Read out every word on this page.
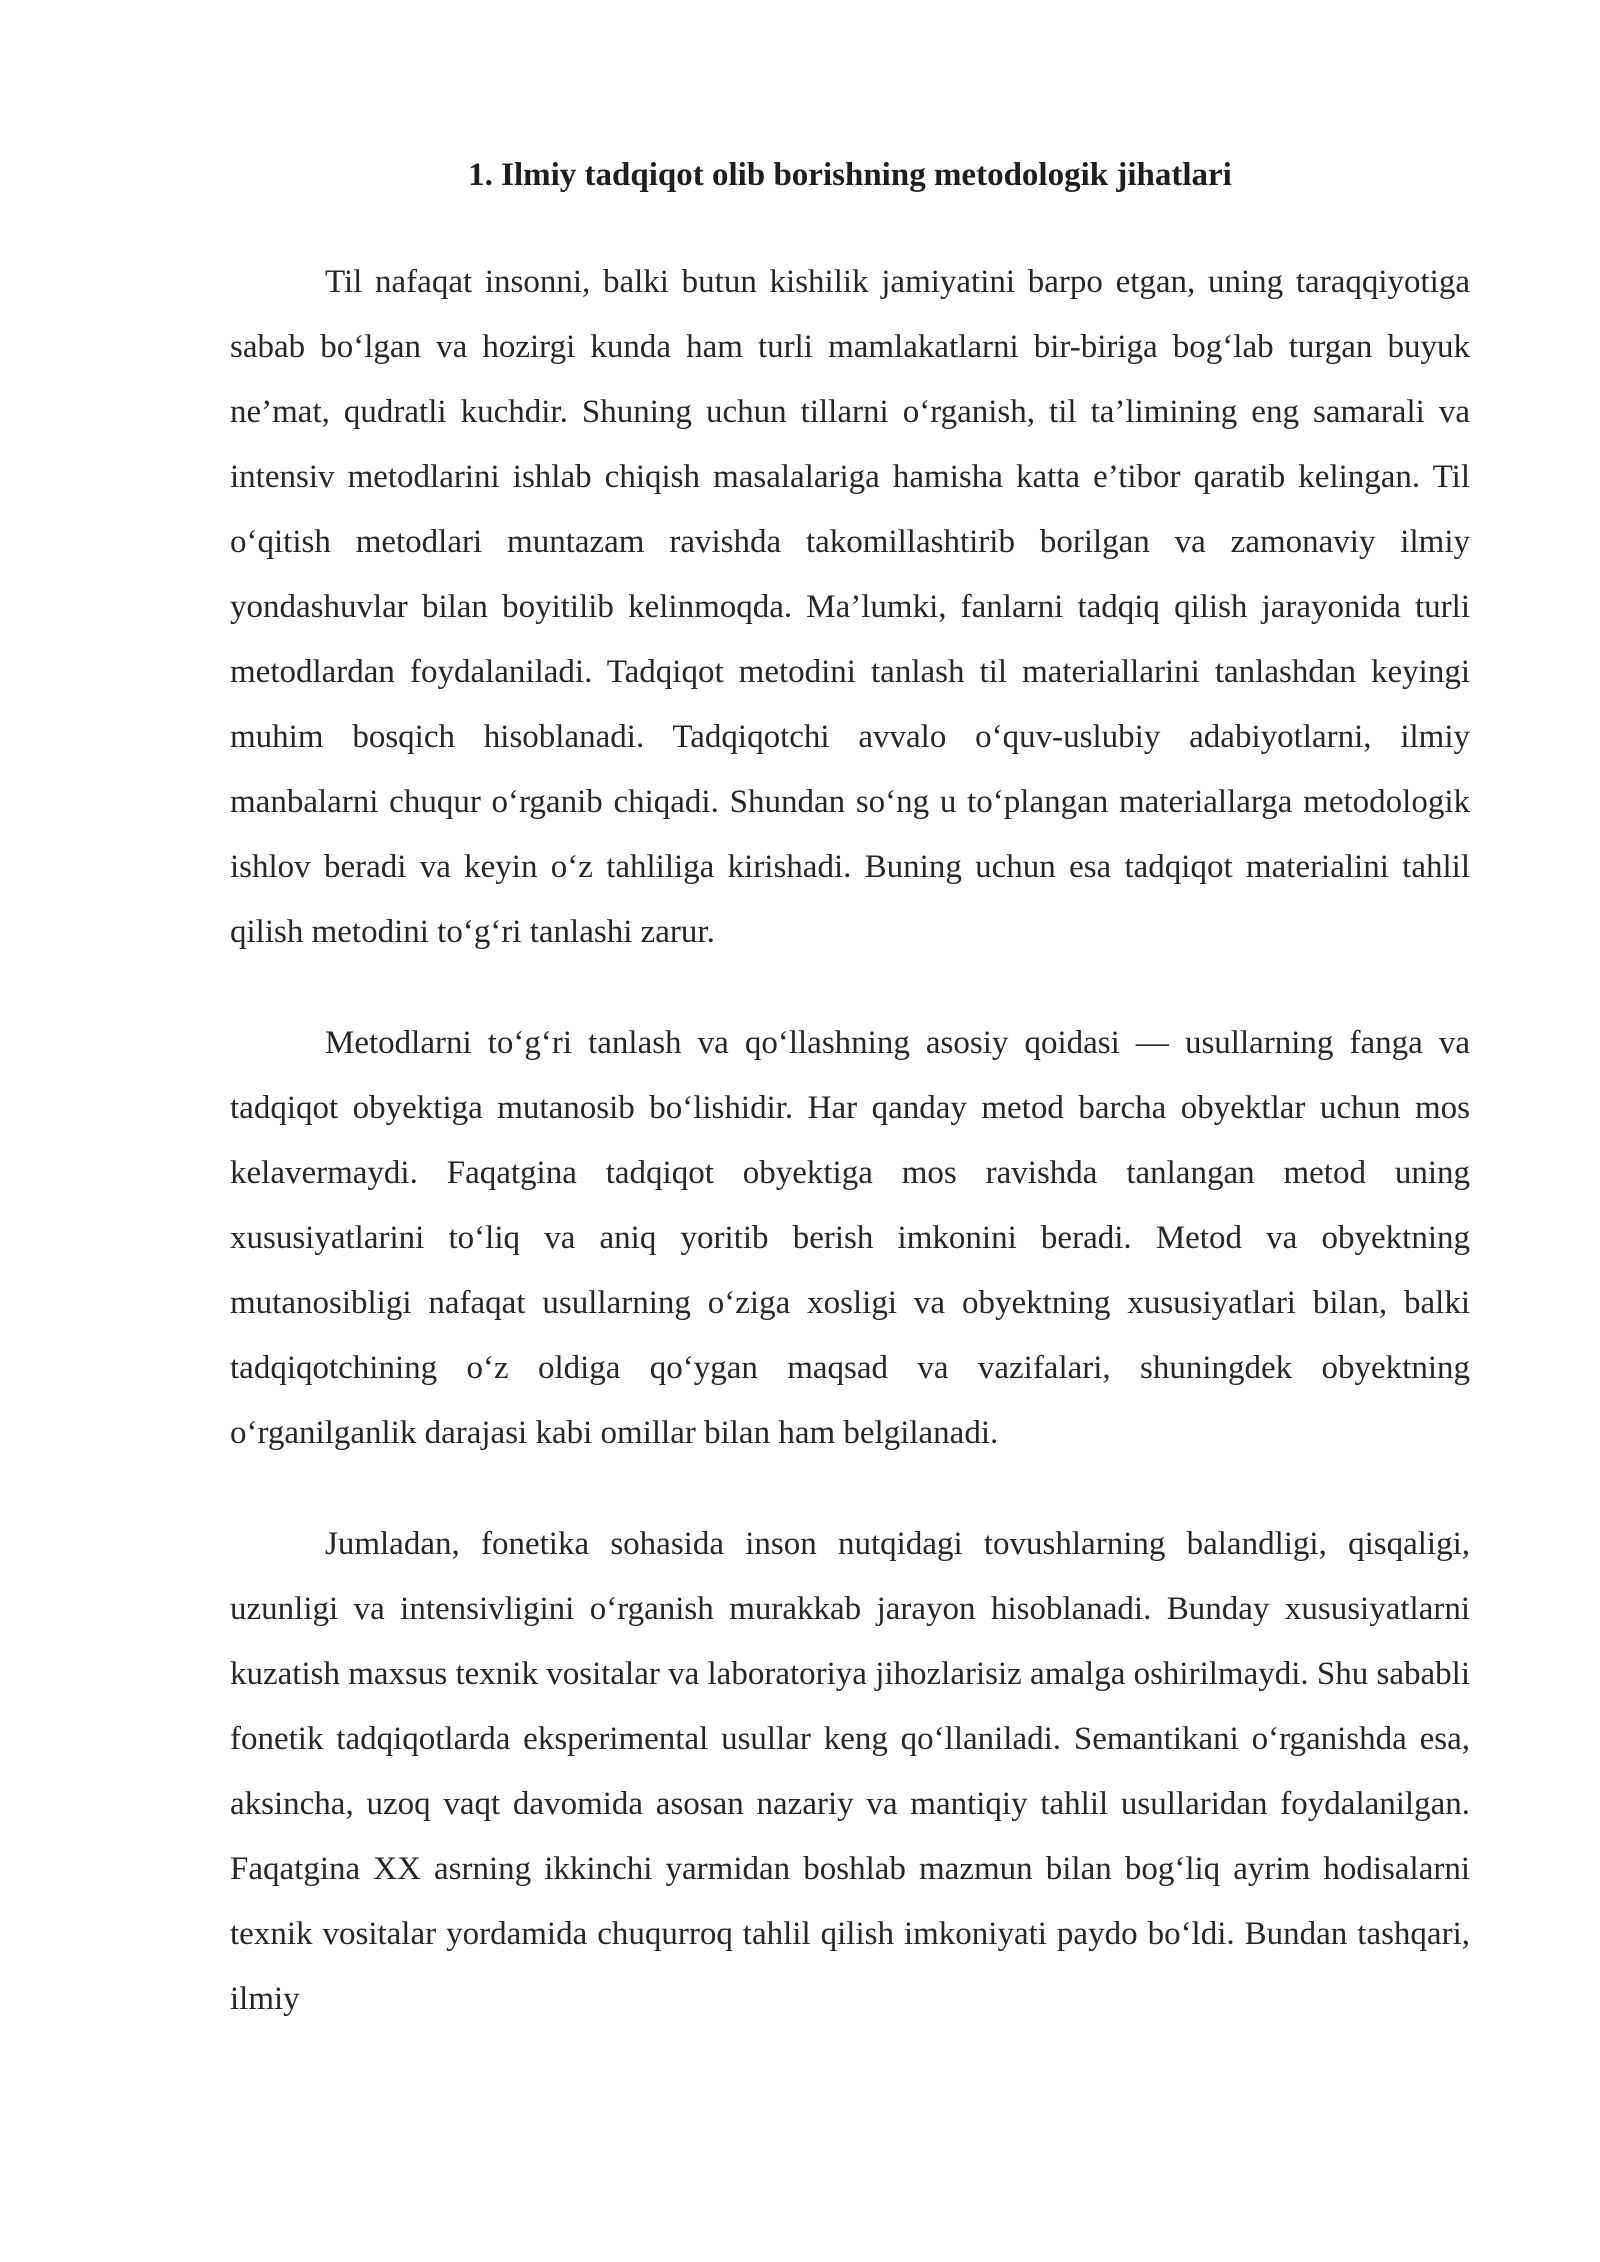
1. Ilmiy tadqiqot olib borishning metodologik jihatlari

Til nafaqat insonni, balki butun kishilik jamiyatini barpo etgan, uning taraqqiyotiga sabab bo‘lgan va hozirgi kunda ham turli mamlakatlarni bir-biriga bog‘lab turgan buyuk ne’mat, qudratli kuchdir. Shuning uchun tillarni o‘rganish, til ta’limining eng samarali va intensiv metodlarini ishlab chiqish masalalariga hamisha katta e’tibor qaratib kelingan. Til o‘qitish metodlari muntazam ravishda takomillashtirib borilgan va zamonaviy ilmiy yondashuvlar bilan boyitilib kelinmoqda. Ma’lumki, fanlarni tadqiq qilish jarayonida turli metodlardan foydalaniladi. Tadqiqot metodini tanlash til materiallarini tanlashdan keyingi muhim bosqich hisoblanadi. Tadqiqotchi avvalo o‘quv-uslubiy adabiyotlarni, ilmiy manbalarni chuqur o‘rganib chiqadi. Shundan so‘ng u to‘plangan materiallarga metodologik ishlov beradi va keyin o‘z tahliliga kirishadi. Buning uchun esa tadqiqot materialini tahlil qilish metodini to‘g‘ri tanlashi zarur.

Metodlarni to‘g‘ri tanlash va qo‘llashning asosiy qoidasi — usullarning fanga va tadqiqot obyektiga mutanosib bo‘lishidir. Har qanday metod barcha obyektlar uchun mos kelavermaydi. Faqatgina tadqiqot obyektiga mos ravishda tanlangan metod uning xususiyatlarini to‘liq va aniq yoritib berish imkonini beradi. Metod va obyektning mutanosibligi nafaqat usullarning o‘ziga xosligi va obyektning xususiyatlari bilan, balki tadqiqotchining o‘z oldiga qo‘ygan maqsad va vazifalari, shuningdek obyektning o‘rganilganlik darajasi kabi omillar bilan ham belgilanadi.

Jumladan, fonetika sohasida inson nutqidagi tovushlarning balandligi, qisqaligi, uzunligi va intensivligini o‘rganish murakkab jarayon hisoblanadi. Bunday xususiyatlarni kuzatish maxsus texnik vositalar va laboratoriya jihozlarisiz amalga oshirilmaydi. Shu sababli fonetik tadqiqotlarda eksperimental usullar keng qo‘llaniladi. Semantikani o‘rganishda esa, aksincha, uzoq vaqt davomida asosan nazariy va mantiqiy tahlil usullaridan foydalanilgan. Faqatgina XX asrning ikkinchi yarmidan boshlab mazmun bilan bog‘liq ayrim hodisalarni texnik vositalar yordamida chuqurroq tahlil qilish imkoniyati paydo bo‘ldi. Bundan tashqari, ilmiy
